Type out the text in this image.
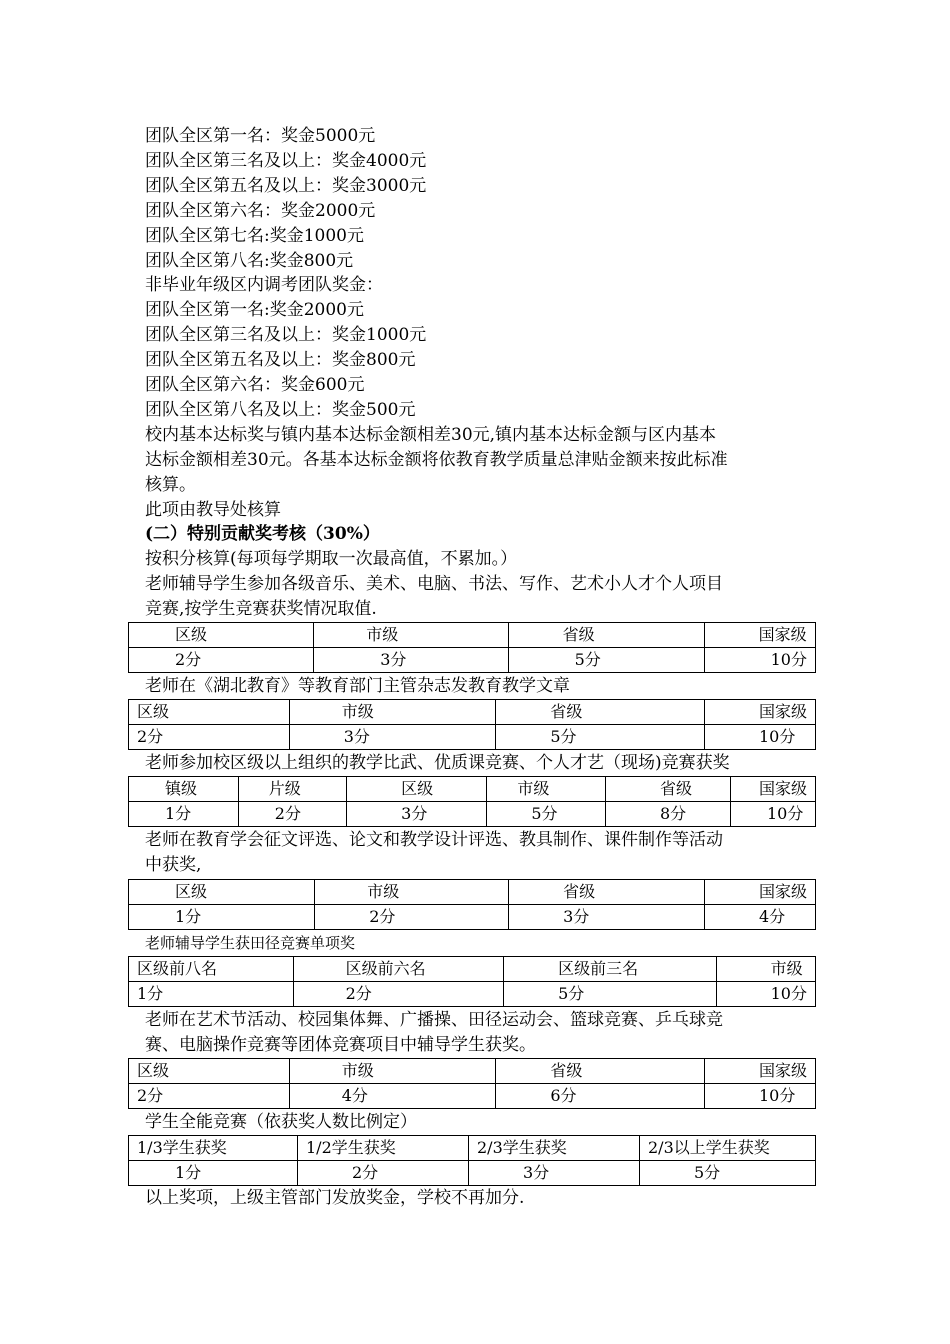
团队全区第一名：奖金5000元
团队全区第三名及以上：奖金4000元
团队全区第五名及以上：奖金3000元
团队全区第六名：奖金2000元
团队全区第七名:奖金1000元
团队全区第八名:奖金800元
非毕业年级区内调考团队奖金：
团队全区第一名:奖金2000元
团队全区第三名及以上：奖金1000元
团队全区第五名及以上：奖金800元
团队全区第六名：奖金600元
团队全区第八名及以上：奖金500元
校内基本达标奖与镇内基本达标金额相差30元,镇内基本达标金额与区内基本
达标金额相差30元。各基本达标金额将依教育教学质量总津贴金额来按此标准
核算。
此项由教导处核算
(二）特别贡献奖考核（30%）
按积分核算(每项每学期取一次最高值，不累加。）
老师辅导学生参加各级音乐、美术、电脑、书法、写作、艺术小人才个人项目
竞赛,按学生竞赛获奖情况取值.
区级	市级	省级	国家级
2分	3分	5分	10分
老师在《湖北教育》等教育部门主管杂志发教育教学文章
区级	市级	省级	国家级
2分	3分	5分	10分
老师参加校区级以上组织的教学比武、优质课竞赛、个人才艺（现场)竞赛获奖
镇级	片级	区级	市级	省级	国家级
1分	2分	3分	5分	8分	10分
老师在教育学会征文评选、论文和教学设计评选、教具制作、课件制作等活动
中获奖,
区级	市级	省级	国家级
1分	2分	3分	4分
老师辅导学生获田径竞赛单项奖
区级前八名	区级前六名	区级前三名	市级
1分	2分	5分	10分
老师在艺术节活动、校园集体舞、广播操、田径运动会、篮球竞赛、乒乓球竞
赛、电脑操作竞赛等团体竞赛项目中辅导学生获奖。
区级	市级	省级	国家级
2分	4分	6分	10分
学生全能竞赛（依获奖人数比例定）
1/3学生获奖	1/2学生获奖	2/3学生获奖	2/3以上学生获奖
1分	2分	3分	5分
以上奖项，上级主管部门发放奖金，学校不再加分.
